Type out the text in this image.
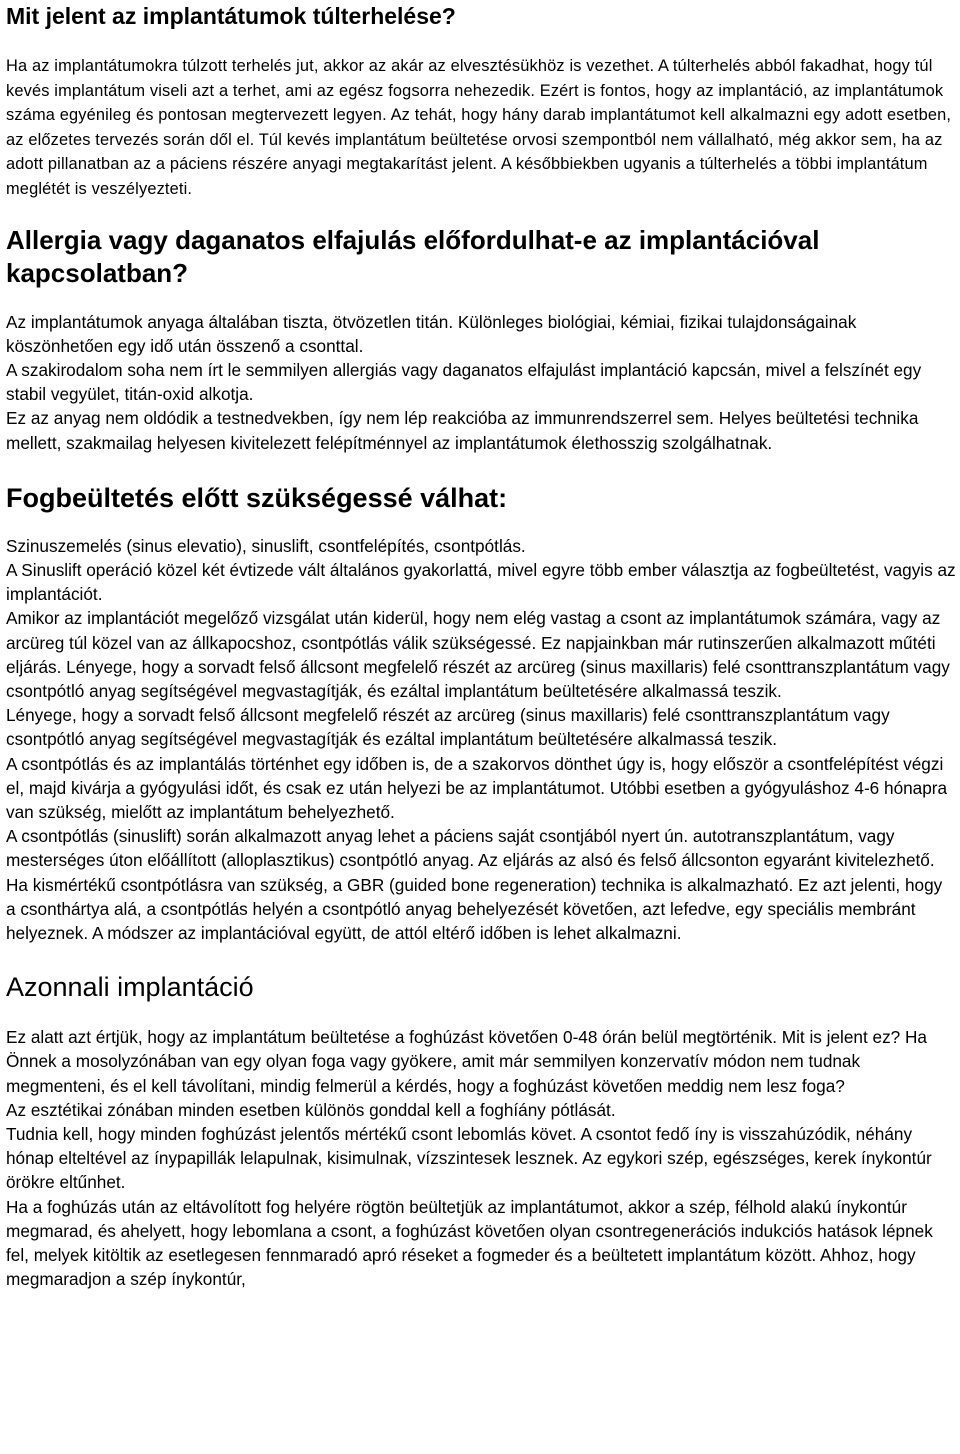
Mit jelent az implantátumok túlterhelése?

Ha az implantátumokra túlzott terhelés jut, akkor az akár az elvesztésükhöz is vezethet. A túlterhelés abból fakadhat, hogy túl kevés implantátum viseli azt a terhet, ami az egész fogsorra nehezedik. Ezért is fontos, hogy az implantáció, az implantátumok száma egyénileg és pontosan megtervezett legyen. Az tehát, hogy hány darab implantátumot kell alkalmazni egy adott esetben, az előzetes tervezés során dől el. Túl kevés implantátum beültetése orvosi szempontból nem vállalható, még akkor sem, ha az adott pillanatban az a páciens részére anyagi megtakarítást jelent. A későbbiekben ugyanis a túlterhelés a többi implantátum meglétét is veszélyezteti.

Allergia vagy daganatos elfajulás előfordulhat-e az implantációval kapcsolatban?

Az implantátumok anyaga általában tiszta, ötvözetlen titán. Különleges biológiai, kémiai, fizikai tulajdonságainak köszönhetően egy idő után összenő a csonttal.

A szakirodalom soha nem írt le semmilyen allergiás vagy daganatos elfajulást implantáció kapcsán, mivel a felszínét egy stabil vegyület, titán-oxid alkotja.

Ez az anyag nem oldódik a testnedvekben, így nem lép reakcióba az immunrendszerrel sem. Helyes beültetési technika mellett, szakmailag helyesen kivitelezett felépítménnyel az implantátumok élethosszig szolgálhatnak.

Fogbeültetés előtt szükségessé válhat:

Szinuszemelés (sinus elevatio), sinuslift, csontfelépítés, csontpótlás.

A Sinuslift operáció közel két évtizede vált általános gyakorlattá, mivel egyre több ember választja az fogbeültetést, vagyis az implantációt.

Amikor az implantációt megelőző vizsgálat után kiderül, hogy nem elég vastag a csont az implantátumok számára, vagy az arcüreg túl közel van az állkapocshoz, csontpótlás válik szükségessé. Ez napjainkban már rutinszerűen alkalmazott műtéti eljárás. Lényege, hogy a sorvadt felső állcsont megfelelő részét az arcüreg (sinus maxillaris) felé csonttranszplantátum vagy csontpótló anyag segítségével megvastagítják, és ezáltal implantátum beültetésére alkalmassá teszik.

Lényege, hogy a sorvadt felső állcsont megfelelő részét az arcüreg (sinus maxillaris) felé csonttranszplantátum vagy csontpótló anyag segítségével megvastagítják és ezáltal implantátum beültetésére alkalmassá teszik.

A csontpótlás és az implantálás történhet egy időben is, de a szakorvos dönthet úgy is, hogy először a csontfelépítést végzi el, majd kivárja a gyógyulási időt, és csak ez után helyezi be az implantátumot. Utóbbi esetben a gyógyuláshoz 4-6 hónapra van szükség, mielőtt az implantátum behelyezhető.

A csontpótlás (sinuslift) során alkalmazott anyag lehet a páciens saját csontjából nyert ún. autotranszplantátum, vagy mesterséges úton előállított (alloplasztikus) csontpótló anyag. Az eljárás az alsó és felső állcsonton egyaránt kivitelezhető. Ha kismértékű csontpótlásra van szükség, a GBR (guided bone regeneration) technika is alkalmazható. Ez azt jelenti, hogy a csonthártya alá, a csontpótlás helyén a csontpótló anyag behelyezését követően, azt lefedve, egy speciális membránt helyeznek. A módszer az implantációval együtt, de attól eltérő időben is lehet alkalmazni.

Azonnali implantáció

Ez alatt azt értjük, hogy az implantátum beültetése a foghúzást követően 0-48 órán belül megtörténik. Mit is jelent ez? Ha Önnek a mosolyzónában van egy olyan foga vagy gyökere, amit már semmilyen konzervatív módon nem tudnak megmenteni, és el kell távolítani, mindig felmerül a kérdés, hogy a foghúzást követően meddig nem lesz foga?

Az esztétikai zónában minden esetben különös gonddal kell a foghíány pótlását.

Tudnia kell, hogy minden foghúzást jelentős mértékű csont lebomlás követ. A csontot fedő íny is visszahúzódik, néhány hónap elteltével az ínypapillák lelapulnak, kisimulnak, vízszintesek lesznek. Az egykori szép, egészséges, kerek ínykontúr örökre eltűnhet.

Ha a foghúzás után az eltávolított fog helyére rögtön beültetjük az implantátumot, akkor a szép, félhold alakú ínykontúr megmarad, és ahelyett, hogy lebomlana a csont, a foghúzást követően olyan csontregenerációs indukciós hatások lépnek fel, melyek kitöltik az esetlegesen fennmaradó apró réseket a fogmeder és a beültetett implantátum között. Ahhoz, hogy megmaradjon a szép ínykontúr,
